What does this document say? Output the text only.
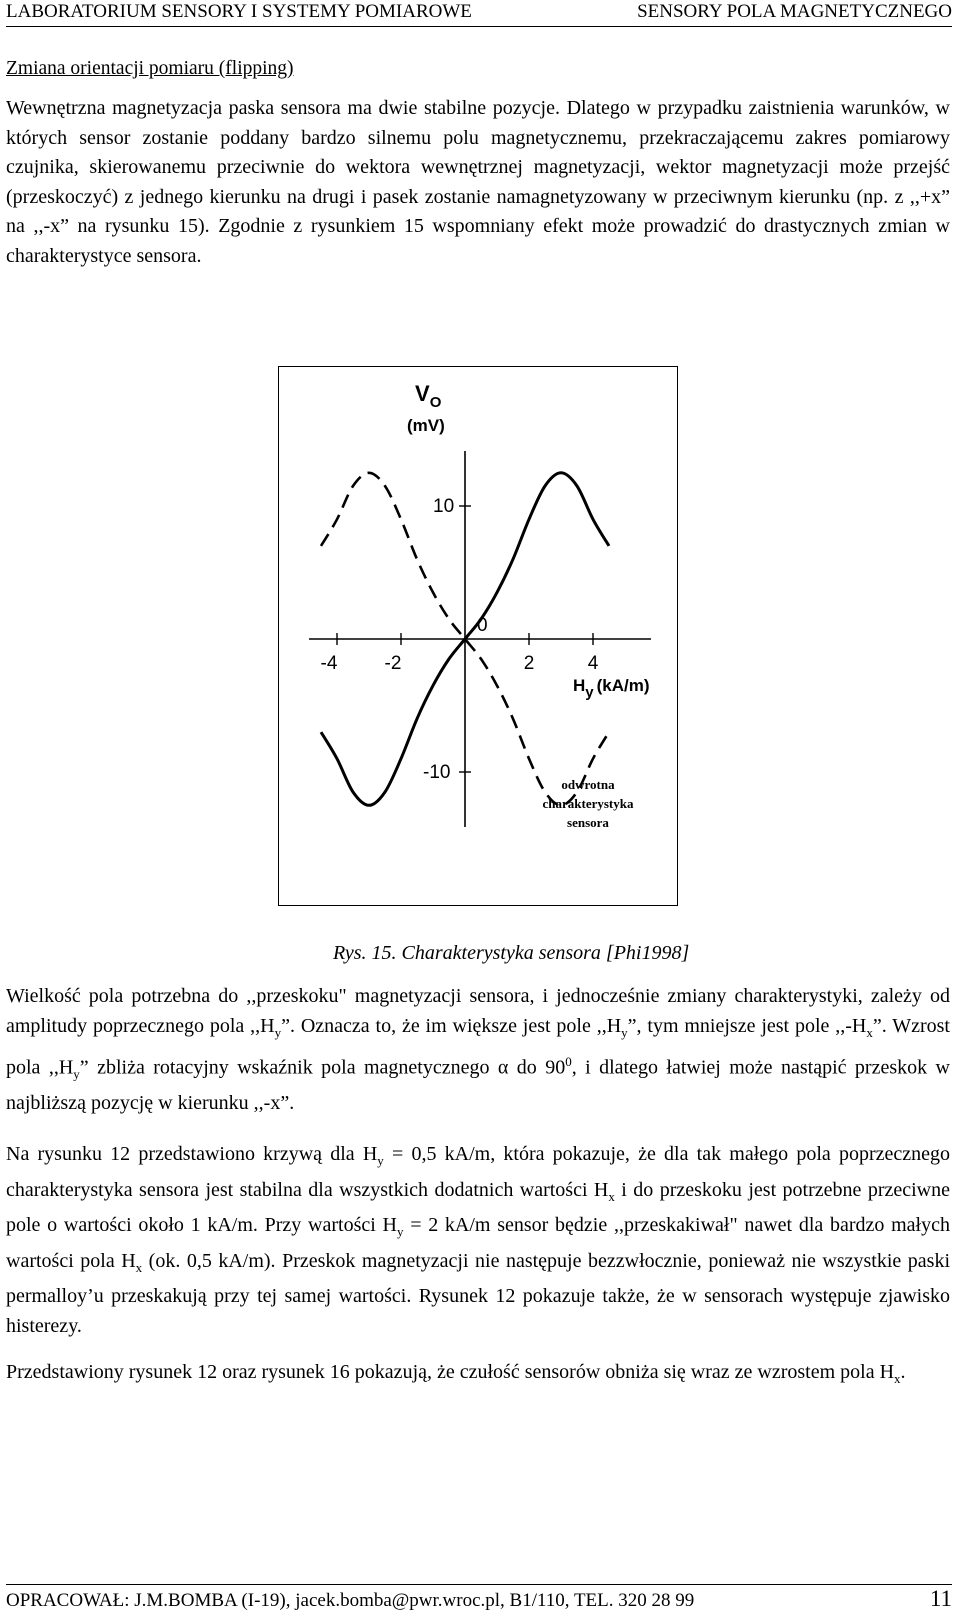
LABORATORIUM SENSORY I SYSTEMY POMIAROWE	SENSORY POLA MAGNETYCZNEGO
Zmiana orientacji pomiaru (flipping)

Wewnętrzna magnetyzacja paska sensora ma dwie stabilne pozycje. Dlatego w przypadku zaistnienia warunków, w których sensor zostanie poddany bardzo silnemu polu magnetycznemu, przekraczającemu zakres pomiarowy czujnika, skierowanemu przeciwnie do wektora wewnętrznej magnetyzacji, wektor magnetyzacji może przejść (przeskoczyć) z jednego kierunku na drugi i pasek zostanie namagnetyzowany w przeciwnym kierunku (np. z ,,+x” na ,,-x” na rysunku 15). Zgodnie z rysunkiem 15 wspomniany efekt może prowadzić do drastycznych zmian w charakterystyce sensora.

-4 -2	2	4
10
0
-10
$V_O$
(mV)
Hy (kA/m)
odwrotna
charakterystyka
sensora
Rys. 15. Charakterystyka sensora [Phi1998]

Wielkość pola potrzebna do ,,przeskoku" magnetyzacji sensora, i jednocześnie zmiany charakterystyki, zależy od amplitudy poprzecznego pola $,,H_y$”. Oznacza to, że im większe jest pole $,,H_y$”, tym mniejsze jest pole $,,-H_x$”. Wzrost pola $,,H_y$” zbliża rotacyjny wskaźnik pola magnetycznego α do $90^0$, i dlatego łatwiej może nastąpić przeskok w najbliższą pozycję w kierunku ,,-x”.

Na rysunku 12 przedstawiono krzywą dla $H_y = 0,5$ kA/m, która pokazuje, że dla tak małego pola poprzecznego charakterystyka sensora jest stabilna dla wszystkich dodatnich wartości $H_x$ i do przeskoku jest potrzebne przeciwne pole o wartości około 1 kA/m. Przy wartości $H_y = 2$ kA/m sensor będzie ,,przeskakiwał" nawet dla bardzo małych wartości pola $H_x$ (ok. 0,5 kA/m). Przeskok magnetyzacji nie następuje bezzwłocznie, ponieważ nie wszystkie paski permalloy’u przeskakują przy tej samej wartości. Rysunek 12 pokazuje także, że w sensorach występuje zjawisko histerezy.

Przedstawiony rysunek 12 oraz rysunek 16 pokazują, że czułość sensorów obniża się wraz ze wzrostem pola $H_x$.

OPRACOWAŁ: J.M.BOMBA (I-19), jacek.bomba@pwr.wroc.pl, B1/110, TEL. 320 28 99	11
